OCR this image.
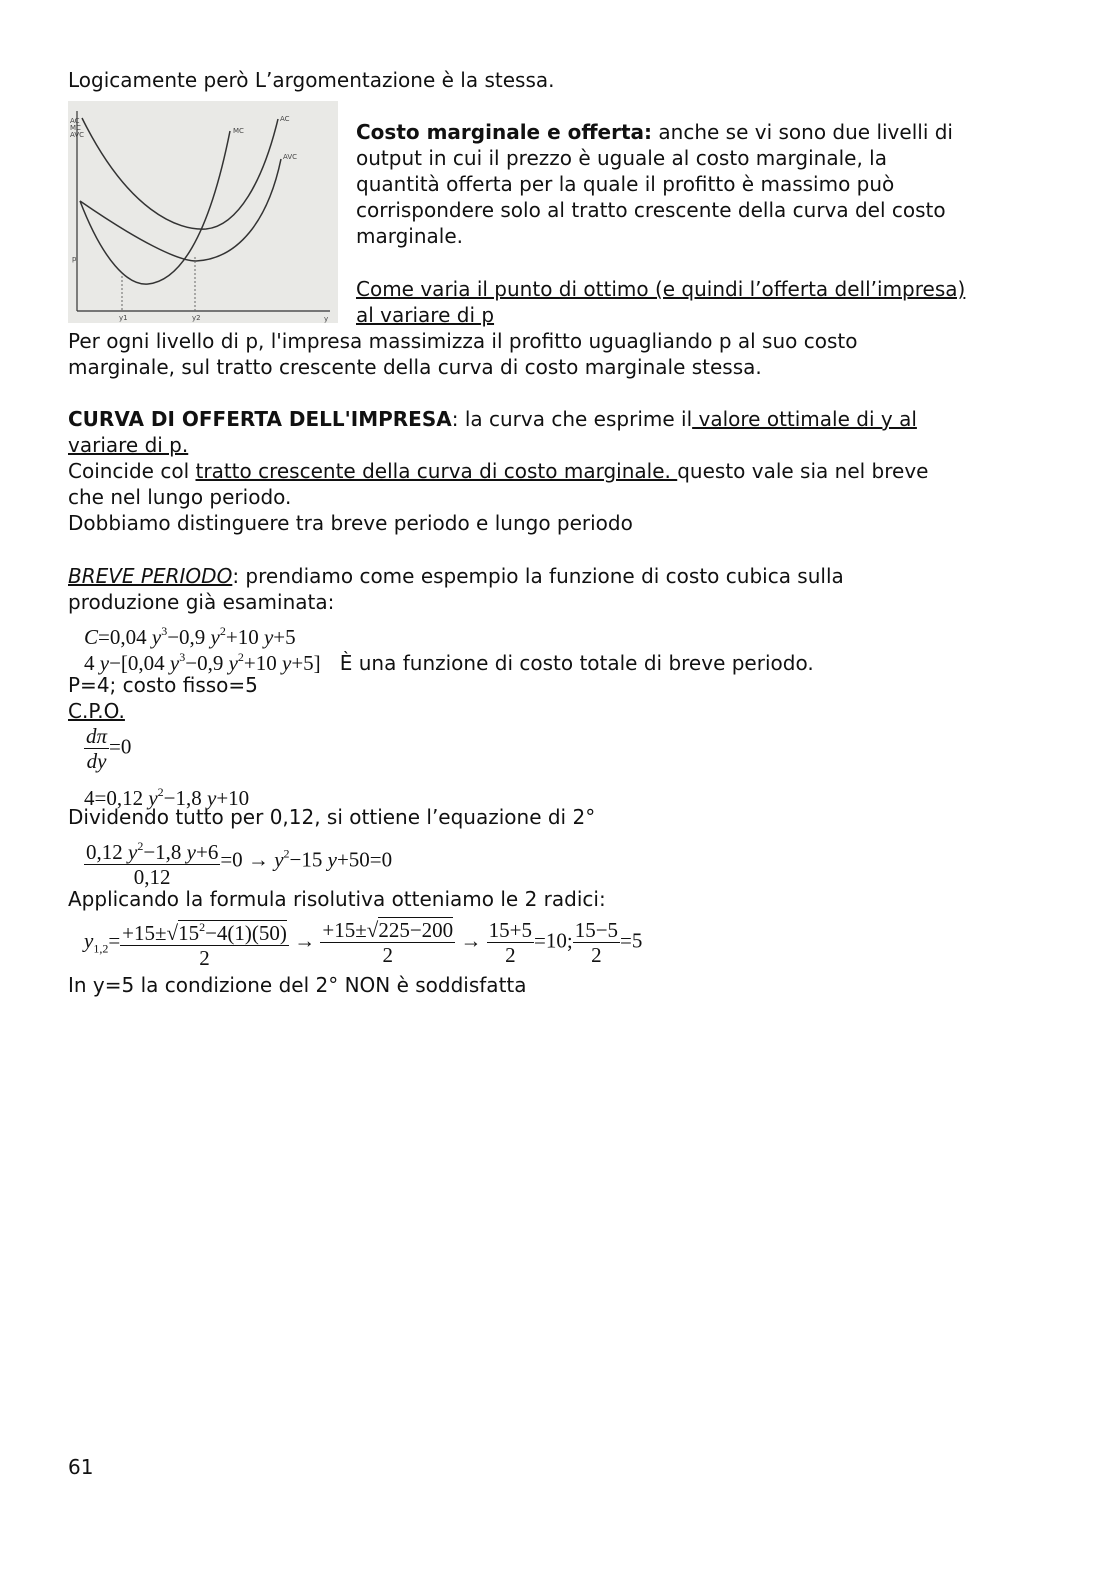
Logicamente però L’argomentazione è la stessa.
AC
MC
AVC	MC
AC
AVC
p
y1	y2	y
Costo marginale e offerta: anche se vi sono due livelli di
output in cui il prezzo è uguale al costo marginale, la
quantità offerta per la quale il profitto è massimo può
corrispondere solo al tratto crescente della curva del costo
marginale.
Come varia il punto di ottimo (e quindi l’offerta dell’impresa)
al variare di p
Per ogni livello di p, l'impresa massimizza il profitto uguagliando p al suo costo
marginale, sul tratto crescente della curva di costo marginale stessa.
CURVA DI OFFERTA DELL'IMPRESA: la curva che esprime il valore ottimale di y al
variare di p.
Coincide col tratto crescente della curva di costo marginale. questo vale sia nel breve
che nel lungo periodo.
Dobbiamo distinguere tra breve periodo e lungo periodo
BREVE PERIODO: prendiamo come espempio la funzione di costo cubica sulla
produzione già esaminata:
C=0,04 $y^3-0,9$ $y^2+10$ y+5
4 y−[0,04 $y^3-0,9$ $y^2+10$ y+5] È una funzione di costo totale di breve periodo.
P=4; costo fisso=5
C.P.O.
$\frac{d\pi}{dy} =0$
4=0,12 $y^2-1,8$ y+10
Dividendo tutto per 0,12, si ottiene l’equazione di 2°
$\frac{0,12 y^2-1,8 y+6}{0,12} =0 \to y^2-15$ y+50=0
Applicando la formula risolutiva otteniamo le 2 radici:
$y_{1,2}= \frac{+15\pm√15^2-4(1)(50)}{2} \to \frac{+15\pm√225-200}{2} \to \frac{15+5}{2} =10$; $\frac{15-5}{2} =5$
In y=5 la condizione del 2° NON è soddisfatta
61
